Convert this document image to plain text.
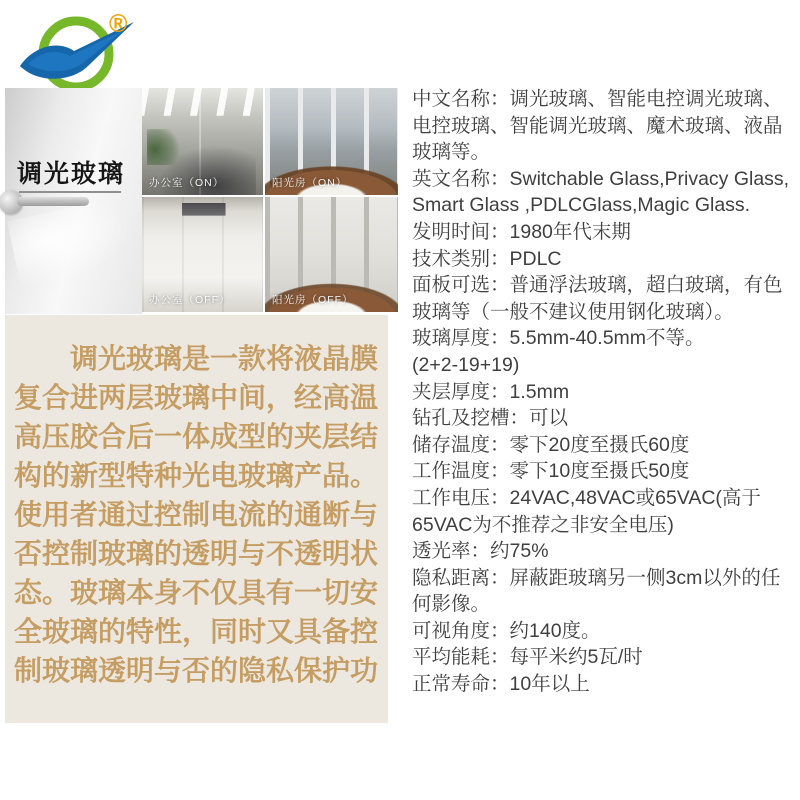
®
调光玻璃 办公室（ON）	阳光房（ON）
办公室（OFF）	阳光房（OFF）
调光玻璃是一款将液晶膜复合进两层玻璃中间，经高温高压胶合后一体成型的夹层结构的新型特种光电玻璃产品。使用者通过控制电流的通断与否控制玻璃的透明与不透明状态。玻璃本身不仅具有一切安全玻璃的特性，同时又具备控制玻璃透明与否的隐私保护功
中文名称：调光玻璃、智能电控调光玻璃、电控玻璃、智能调光玻璃、魔术玻璃、液晶玻璃等。
英文名称：Switchable Glass,Privacy Glass, Smart Glass ,PDLCGlass,Magic Glass.
发明时间：1980年代末期
技术类别：PDLC
面板可选：普通浮法玻璃，超白玻璃，有色玻璃等（一般不建议使用钢化玻璃）。
玻璃厚度：5.5mm-40.5mm不等。
(2+2-19+19)
夹层厚度：1.5mm
钻孔及挖槽：可以
储存温度：零下20度至摄氏60度
工作温度：零下10度至摄氏50度
工作电压：24VAC,48VAC或65VAC(高于65VAC为不推荐之非安全电压)
透光率：约75%
隐私距离：屏蔽距玻璃另一侧3cm以外的任何影像。
可视角度：约140度。
平均能耗：每平米约5瓦/时
正常寿命：10年以上
